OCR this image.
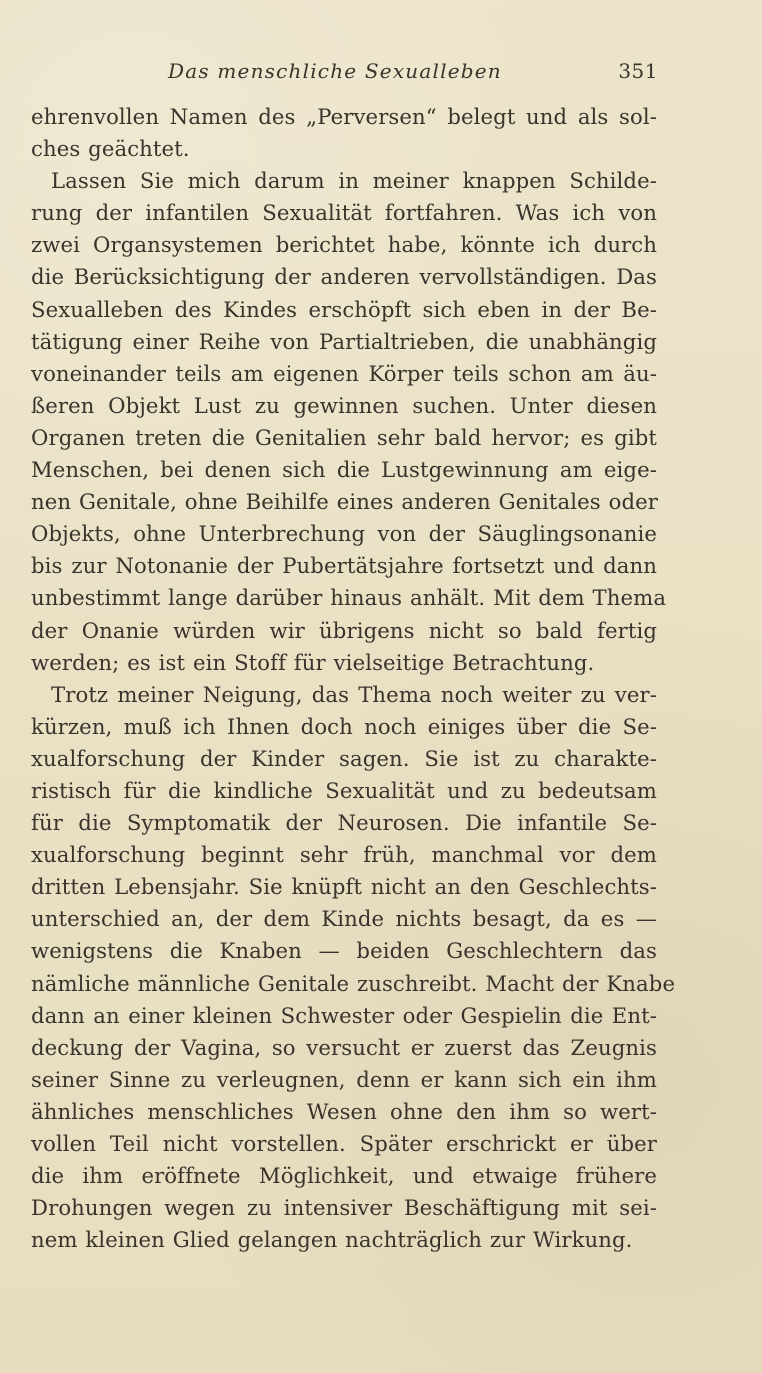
Das menschliche Sexualleben	351
ehrenvollen Namen des „Perversen“ belegt und als sol-
ches geächtet.
Lassen Sie mich darum in meiner knappen Schilde-
rung der infantilen Sexualität fortfahren. Was ich von
zwei Organsystemen berichtet habe, könnte ich durch
die Berücksichtigung der anderen vervollständigen. Das
Sexualleben des Kindes erschöpft sich eben in der Be-
tätigung einer Reihe von Partialtrieben, die unabhängig
voneinander teils am eigenen Körper teils schon am äu-
ßeren Objekt Lust zu gewinnen suchen. Unter diesen
Organen treten die Genitalien sehr bald hervor; es gibt
Menschen, bei denen sich die Lustgewinnung am eige-
nen Genitale, ohne Beihilfe eines anderen Genitales oder
Objekts, ohne Unterbrechung von der Säuglingsonanie
bis zur Notonanie der Pubertätsjahre fortsetzt und dann
unbestimmt lange darüber hinaus anhält. Mit dem Thema
der Onanie würden wir übrigens nicht so bald fertig
werden; es ist ein Stoff für vielseitige Betrachtung.
Trotz meiner Neigung, das Thema noch weiter zu ver-
kürzen, muß ich Ihnen doch noch einiges über die Se-
xualforschung der Kinder sagen. Sie ist zu charakte-
ristisch für die kindliche Sexualität und zu bedeutsam
für die Symptomatik der Neurosen. Die infantile Se-
xualforschung beginnt sehr früh, manchmal vor dem
dritten Lebensjahr. Sie knüpft nicht an den Geschlechts-
unterschied an, der dem Kinde nichts besagt, da es —
wenigstens die Knaben — beiden Geschlechtern das
nämliche männliche Genitale zuschreibt. Macht der Knabe
dann an einer kleinen Schwester oder Gespielin die Ent-
deckung der Vagina, so versucht er zuerst das Zeugnis
seiner Sinne zu verleugnen, denn er kann sich ein ihm
ähnliches menschliches Wesen ohne den ihm so wert-
vollen Teil nicht vorstellen. Später erschrickt er über
die ihm eröffnete Möglichkeit, und etwaige frühere
Drohungen wegen zu intensiver Beschäftigung mit sei-
nem kleinen Glied gelangen nachträglich zur Wirkung.
